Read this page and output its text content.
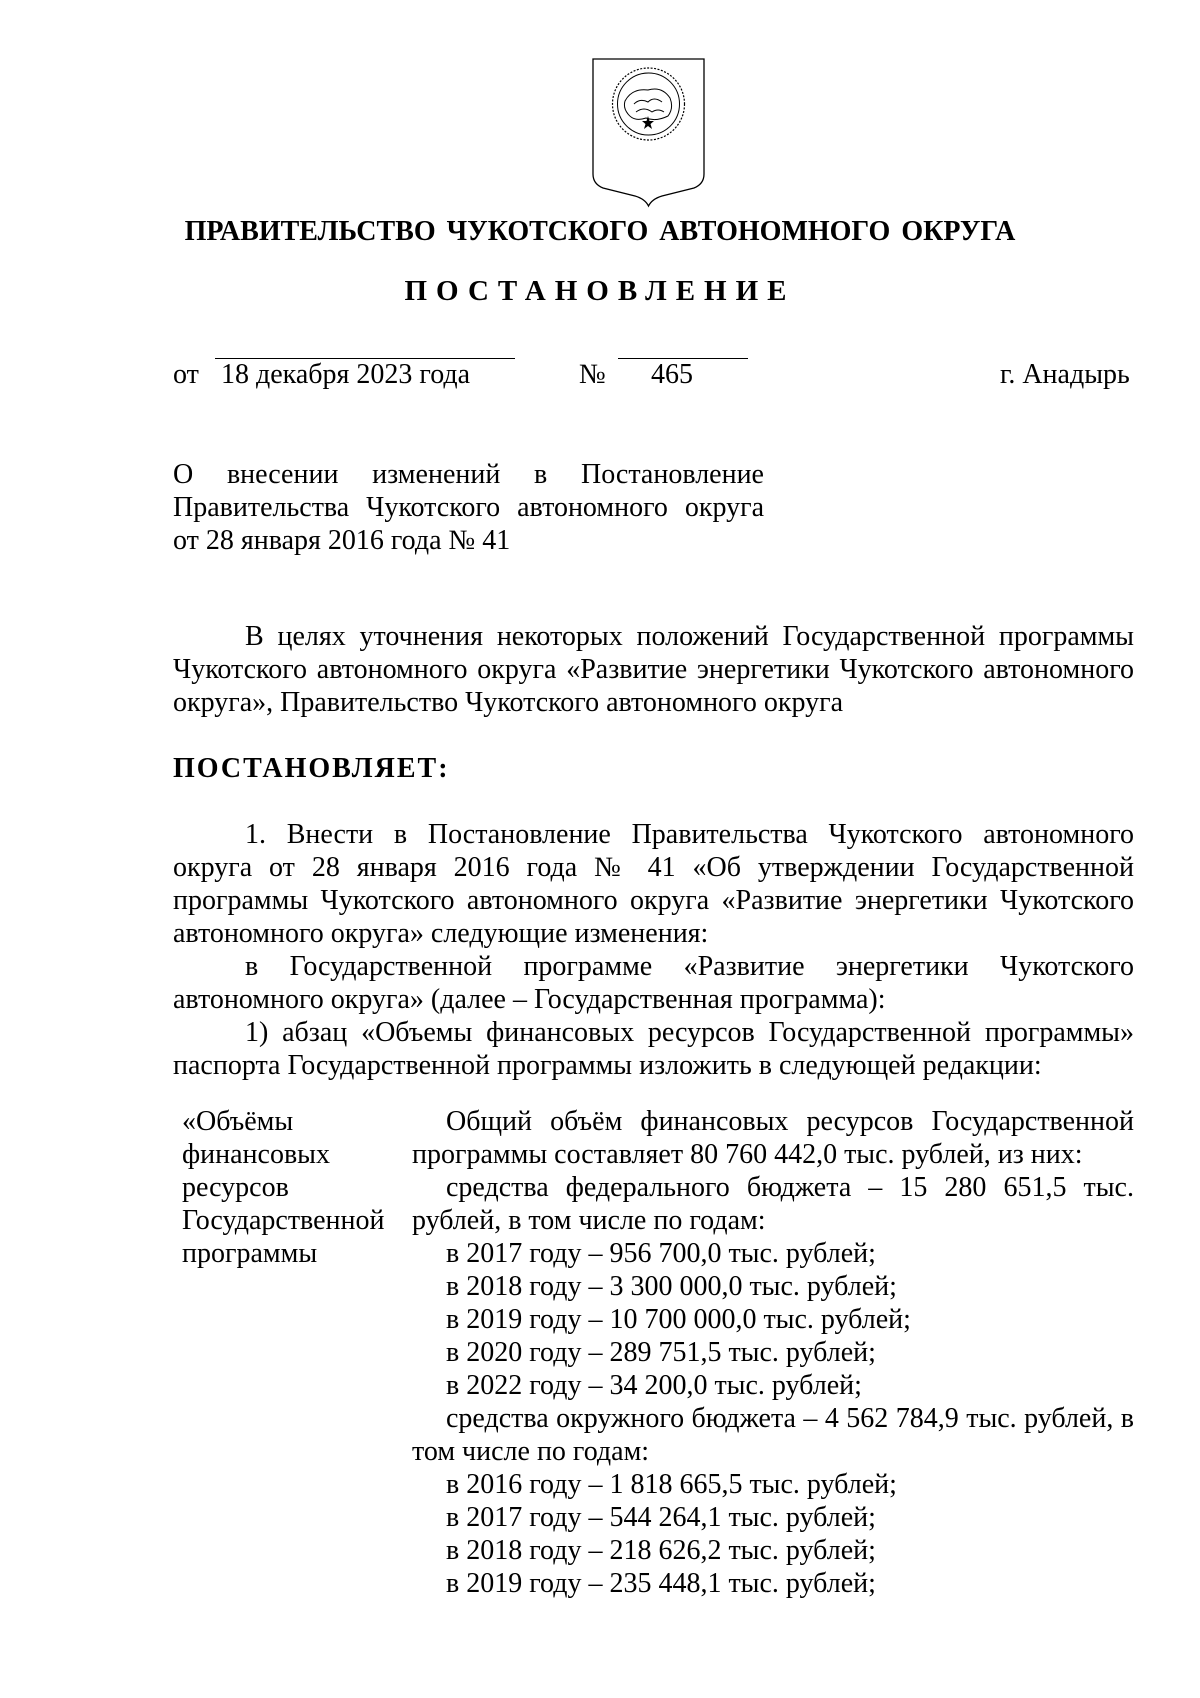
ПРАВИТЕЛЬСТВО ЧУКОТСКОГО АВТОНОМНОГО ОКРУГА
ПОСТАНОВЛЕНИЕ
от 18 декабря 2023 года	№ 465	г. Анадырь

О внесении изменений в Постановление

Правительства Чукотского автономного округа

от 28 января 2016 года № 41

В целях уточнения некоторых положений Государственной программы Чукотского автономного округа «Развитие энергетики Чукотского автономного округа», Правительство Чукотского автономного округа

ПОСТАНОВЛЯЕТ:

1. Внести в Постановление Правительства Чукотского автономного округа от 28 января 2016 года № 41 «Об утверждении Государственной программы Чукотского автономного округа «Развитие энергетики Чукотского автономного округа» следующие изменения:

в Государственной программе «Развитие энергетики Чукотского автономного округа» (далее – Государственная программа):

1) абзац «Объемы финансовых ресурсов Государственной программы» паспорта Государственной программы изложить в следующей редакции:

«Объёмы
финансовых
ресурсов
Государственной
программы

Общий объём финансовых ресурсов Государственной программы составляет 80 760 442,0 тыс. рублей, из них:

средства федерального бюджета – 15 280 651,5 тыс. рублей, в том числе по годам:

в 2017 году – 956 700,0 тыс. рублей;

в 2018 году – 3 300 000,0 тыс. рублей;

в 2019 году – 10 700 000,0 тыс. рублей;

в 2020 году – 289 751,5 тыс. рублей;

в 2022 году – 34 200,0 тыс. рублей;

средства окружного бюджета – 4 562 784,9 тыс. рублей, в том числе по годам:

в 2016 году – 1 818 665,5 тыс. рублей;

в 2017 году – 544 264,1 тыс. рублей;

в 2018 году – 218 626,2 тыс. рублей;

в 2019 году – 235 448,1 тыс. рублей;
